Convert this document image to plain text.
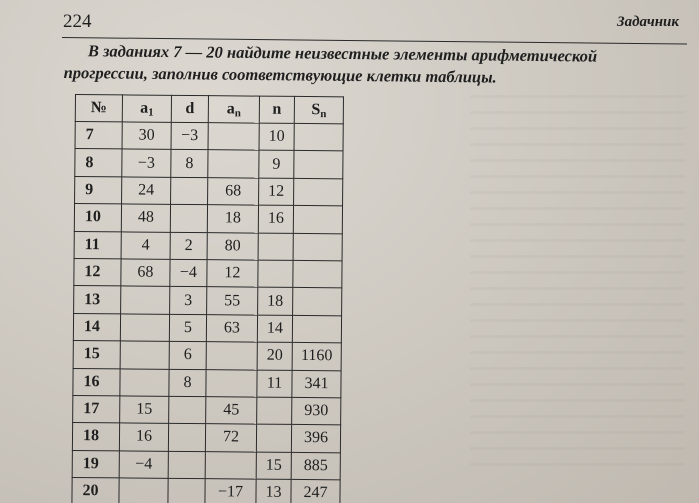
224	Задачник
В заданиях 7 — 20 найдите неизвестные элементы арифметической прогрессии, заполнив соответствующие клетки таблицы.
№	$a_1$	d	$a_n$	n	$S_n$
7	30	−3		10	
8	−3	8		9	
9	24		68	12	
10	48		18	16	
11	4	2	80		
12	68	−4	12		
13		3	55	18	
14		5	63	14	
15		6		20	1160
16		8		11	341
17	15		45		930
18	16		72		396
19	−4			15	885
20			−17	13	247
